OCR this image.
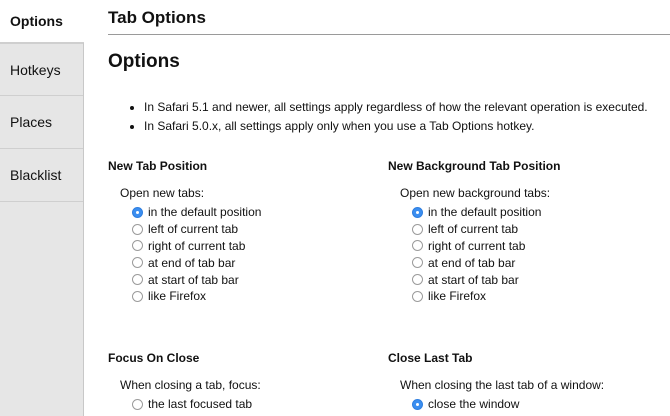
Options
Hotkeys
Places
Blacklist
Tab Options
Options
• In Safari 5.1 and newer, all settings apply regardless of how the relevant operation is executed.
• In Safari 5.0.x, all settings apply only when you use a Tab Options hotkey.
New Tab Position
Open new tabs:
in the default position
left of current tab
right of current tab
at end of tab bar
at start of tab bar
like Firefox
New Background Tab Position
Open new background tabs:
in the default position
left of current tab
right of current tab
at end of tab bar
at start of tab bar
like Firefox
Focus On Close
When closing a tab, focus:
the last focused tab
Close Last Tab
When closing the last tab of a window:
close the window
